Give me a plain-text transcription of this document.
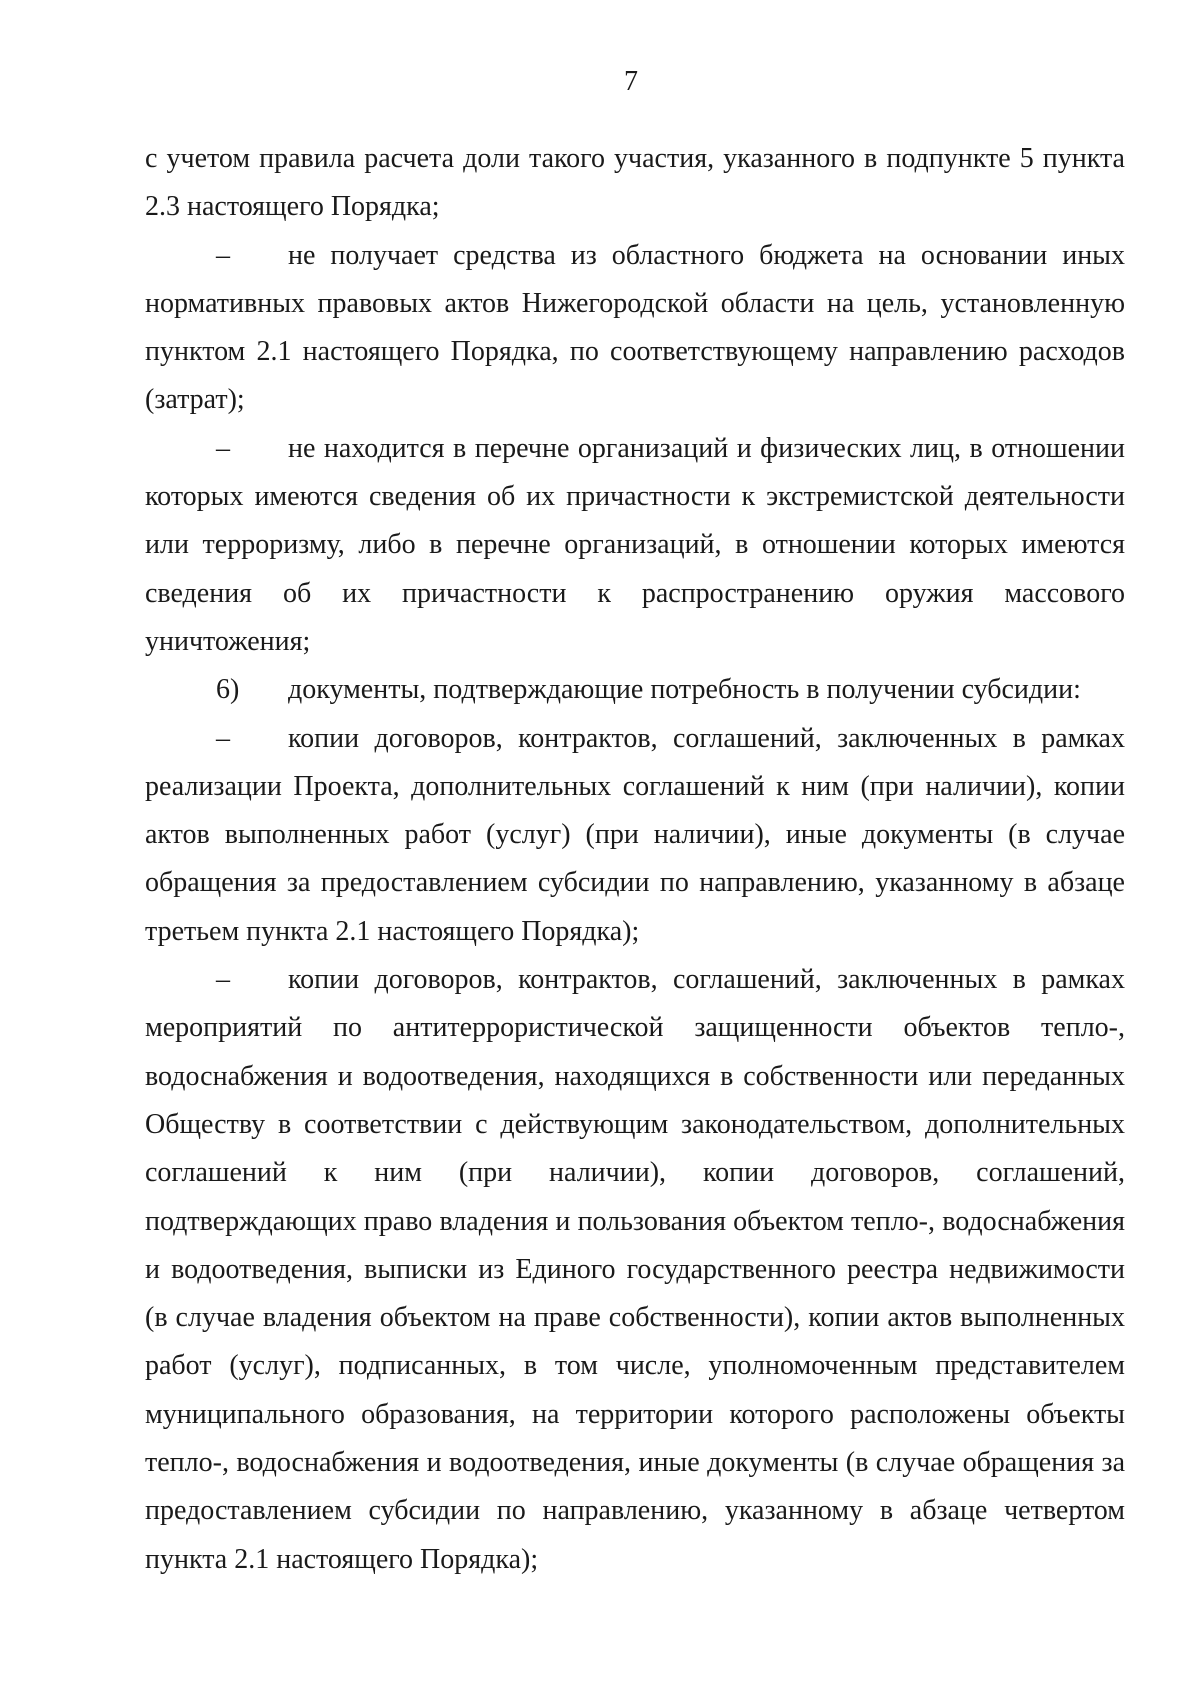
7

с учетом правила расчета доли такого участия, указанного в подпункте 5 пункта 2.3 настоящего Порядка;

– не получает средства из областного бюджета на основании иных нормативных правовых актов Нижегородской области на цель, установленную пунктом 2.1 настоящего Порядка, по соответствующему направлению расходов (затрат);

– не находится в перечне организаций и физических лиц, в отношении которых имеются сведения об их причастности к экстремистской деятельности или терроризму, либо в перечне организаций, в отношении которых имеются сведения об их причастности к распространению оружия массового уничтожения;

6) документы, подтверждающие потребность в получении субсидии:

– копии договоров, контрактов, соглашений, заключенных в рамках реализации Проекта, дополнительных соглашений к ним (при наличии), копии актов выполненных работ (услуг) (при наличии), иные документы (в случае обращения за предоставлением субсидии по направлению, указанному в абзаце третьем пункта 2.1 настоящего Порядка);

– копии договоров, контрактов, соглашений, заключенных в рамках мероприятий по антитеррористической защищенности объектов тепло-, водоснабжения и водоотведения, находящихся в собственности или переданных Обществу в соответствии с действующим законодательством, дополнительных соглашений к ним (при наличии), копии договоров, соглашений, подтверждающих право владения и пользования объектом тепло-, водоснабжения и водоотведения, выписки из Единого государственного реестра недвижимости (в случае владения объектом на праве собственности), копии актов выполненных работ (услуг), подписанных, в том числе, уполномоченным представителем муниципального образования, на территории которого расположены объекты тепло-, водоснабжения и водоотведения, иные документы (в случае обращения за предоставлением субсидии по направлению, указанному в абзаце четвертом пункта 2.1 настоящего Порядка);
